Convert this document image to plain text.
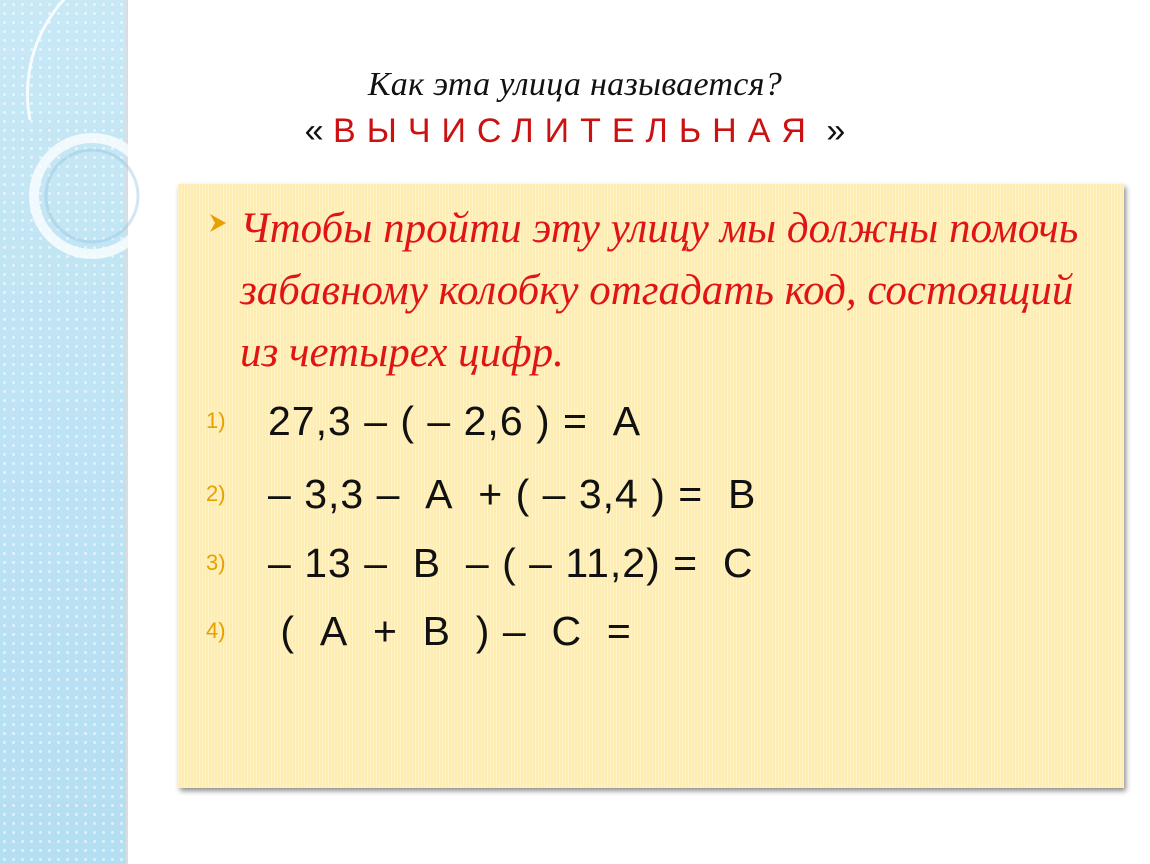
Как эта улица называется?
« ВЫЧИСЛИТЕЛЬНАЯ »
Чтобы пройти эту улицу мы должны помочь забавному колобку отгадать код, состоящий из четырех цифр.
1)	27,3 – ( – 2,6 ) =  А
2)	– 3,3 –  А  + ( – 3,4 ) =  В
3)	– 13 –  В  – ( – 11,2) =  С
4)	(  А  +  В  ) –  С  =
